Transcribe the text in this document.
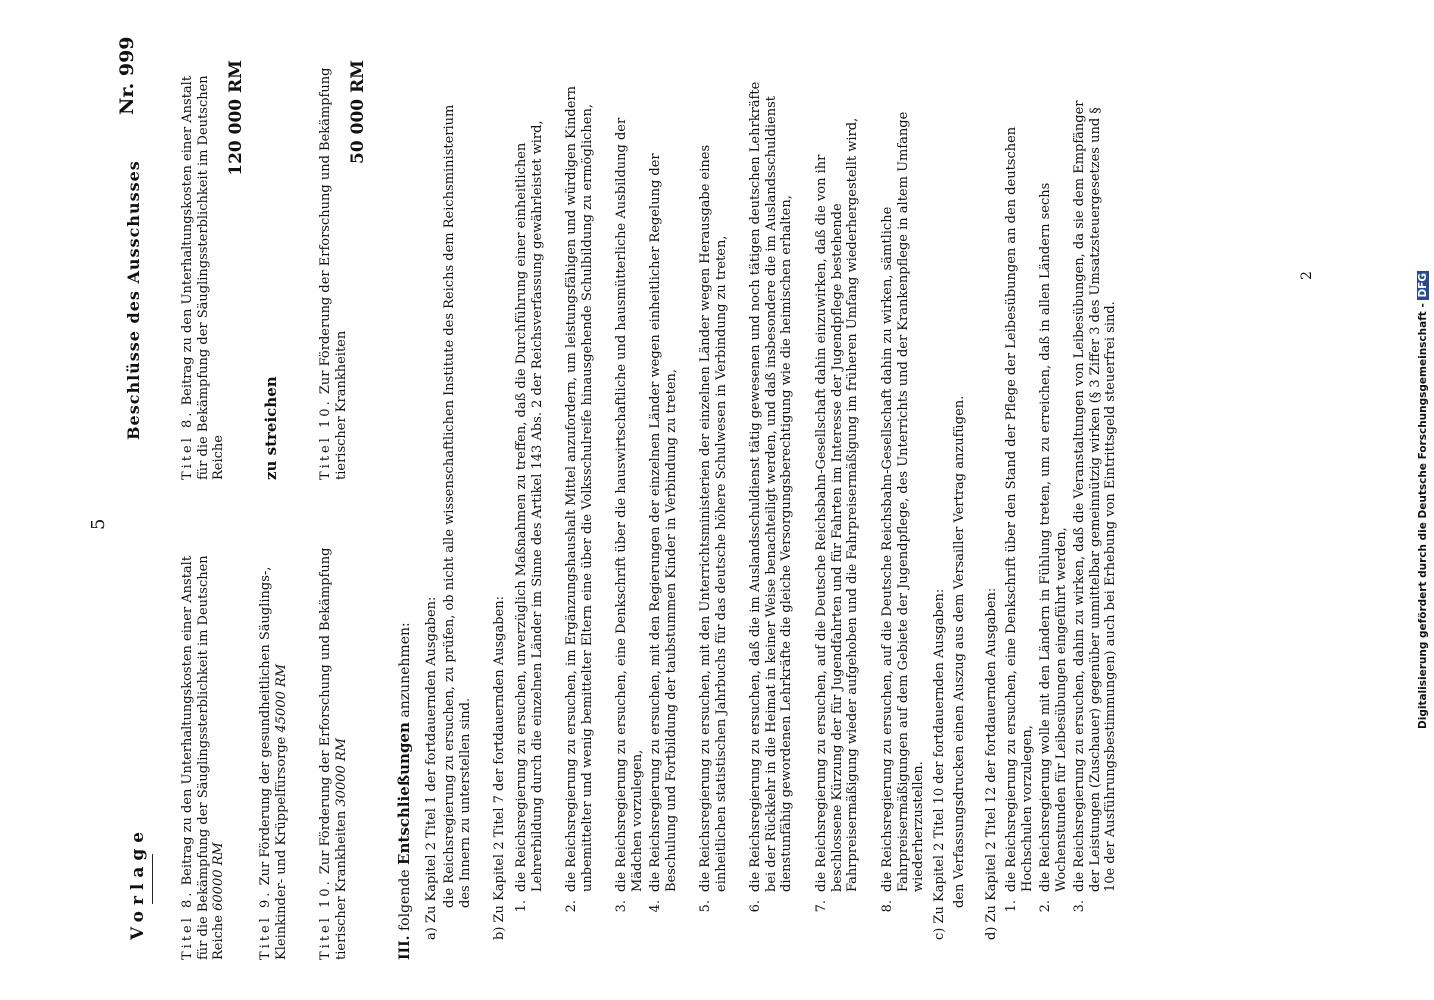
Vorlage
5
Beschlüsse des Ausschusses
Nr. 999
Titel 8. Beitrag zu den Unterhaltungskosten einer Anstalt für die Bekämpfung der Säuglingssterblichkeit im Deutschen Reiche 60000 RM
Titel 9. Zur Förderung der gesundheitlichen Säuglings-, Kleinkinder- und Krüppelfürsorge 45000 RM
Titel 10. Zur Förderung der Erforschung und Bekämpfung tierischer Krankheiten 30000 RM
Titel 8. Beitrag zu den Unterhaltungskosten einer Anstalt für die Bekämpfung der Säuglingssterblichkeit im Deutschen Reiche
120 000 RM
zu streichen	Titel 10. Zur Förderung der Erforschung und Bekämpfung tierischer Krankheiten
50 000 RM
III. folgende Entschließungen anzunehmen: a) Zu Kapitel 2 Titel 1 der fortdauernden Ausgaben: die Reichsregierung zu ersuchen, zu prüfen, ob nicht alle wissenschaftlichen Institute des Reichs dem Reichsministerium des Innern zu unterstellen sind. b) Zu Kapitel 2 Titel 7 der fortdauernden Ausgaben: 1.
die Reichsregierung zu ersuchen, unverzüglich Maßnahmen zu treffen, daß die Durchführung einer einheitlichen Lehrerbildung durch die einzelnen Länder im Sinne des Artikel 143 Abs. 2 der Reichsverfassung gewährleistet wird,
2.
die Reichsregierung zu ersuchen, im Ergänzungshaushalt Mittel anzufordern, um leistungsfähigen und würdigen Kindern unbemittelter und wenig bemittelter Eltern eine über die Volksschulreife hinausgehende Schulbildung zu ermöglichen,
3.
die Reichsregierung zu ersuchen, eine Denkschrift über die hauswirtschaftliche und hausmütterliche Ausbildung der Mädchen vorzulegen,
4.
die Reichsregierung zu ersuchen, mit den Regierungen der einzelnen Länder wegen einheitlicher Regelung der Beschulung und Fortbildung der taubstummen Kinder in Verbindung zu treten,
5.
die Reichsregierung zu ersuchen, mit den Unterrichtsministerien der einzelnen Länder wegen Herausgabe eines einheitlichen statistischen Jahrbuchs für das deutsche höhere Schulwesen in Verbindung zu treten,
6.
die Reichsregierung zu ersuchen, daß die im Auslandsschuldienst tätig gewesenen und noch tätigen deutschen Lehrkräfte bei der Rückkehr in die Heimat in keiner Weise benachteiligt werden, und daß insbesondere die im Auslandsschuldienst dienstunfähig gewordenen Lehrkräfte die gleiche Versorgungsberechtigung wie die heimischen erhalten,
7.
die Reichsregierung zu ersuchen, auf die Deutsche Reichsbahn-Gesellschaft dahin einzuwirken, daß die von ihr beschlossene Kürzung der für Jugendfahrten und für Fahrten im Interesse der Jugendpflege bestehende Fahrpreisermäßigung wieder aufgehoben und die Fahrpreisermäßigung im früheren Umfang wiederhergestellt wird,
8.
die Reichsregierung zu ersuchen, auf die Deutsche Reichsbahn-Gesellschaft dahin zu wirken, sämtliche Fahrpreisermäßigungen auf dem Gebiete der Jugendpflege, des Unterrichts und der Krankenpflege in altem Umfange wiederherzustellen. c) Zu Kapitel 2 Titel 10 der fortdauernden Ausgaben: den Verfassungsdrucken einen Auszug aus dem Versailler Vertrag anzufügen. d) Zu Kapitel 2 Titel 12 der fortdauernden Ausgaben: 1.
die Reichsregierung zu ersuchen, eine Denkschrift über den Stand der Pflege der Leibesübungen an den deutschen Hochschulen vorzulegen,
2.
die Reichsregierung wolle mit den Ländern in Fühlung treten, um zu erreichen, daß in allen Ländern sechs Wochenstunden für Leibesübungen eingeführt werden,
3.
die Reichsregierung zu ersuchen, dahin zu wirken, daß die Veranstaltungen von Leibesübungen, da sie dem Empfänger der Leistungen (Zuschauer) gegenüber unmittelbar gemeinnützig wirken (§ 3 Ziffer 3 des Umsatzsteuergesetzes und § 10e der Ausführungsbestimmungen) auch bei Erhebung von Eintrittsgeld steuerfrei sind.
2
Digitalisierung gefördert durch die Deutsche Forschungsgemeinschaft - DFG
